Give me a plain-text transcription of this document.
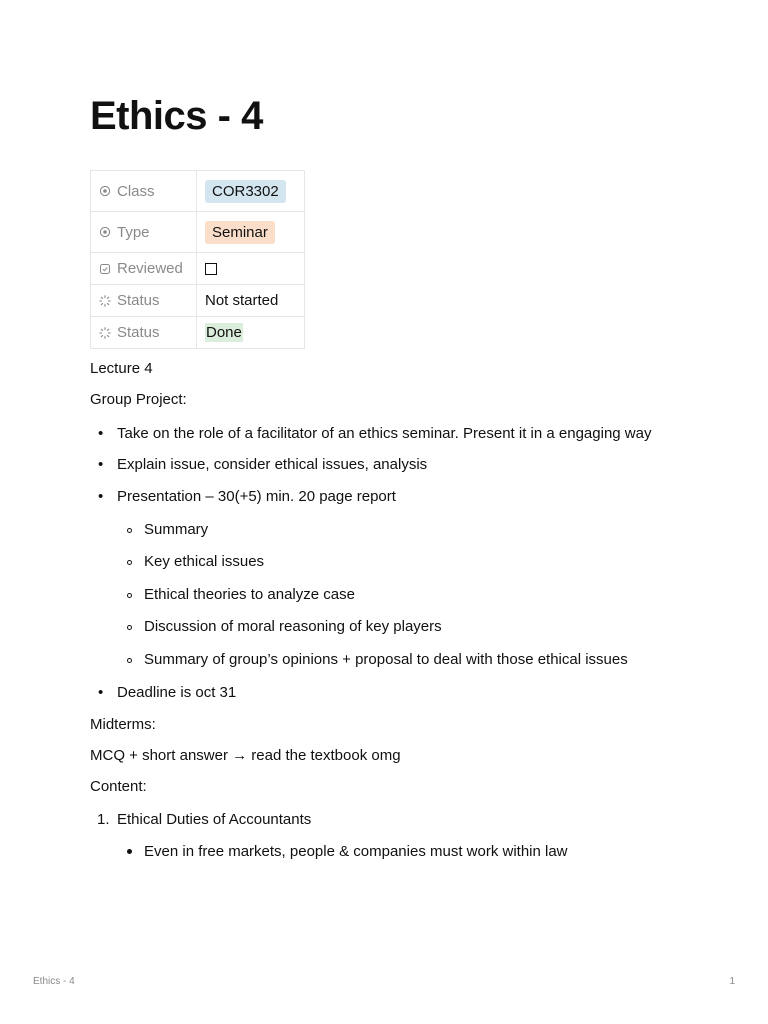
Ethics - 4
Class	COR3302

Type	Seminar

Reviewed	

Status	Not started

Status	Done

Lecture 4

Group Project:

• Take on the role of a facilitator of an ethics seminar. Present it in a engaging way
• Explain issue, consider ethical issues, analysis
• Presentation – 30(+5) min. 20 page report
Summary
Key ethical issues
Ethical theories to analyze case
Discussion of moral reasoning of key players
Summary of group’s opinions + proposal to deal with those ethical issues
• Deadline is oct 31

Midterms:

MCQ + short answer → read the textbook omg

Content:

1. Ethical Duties of Accountants
Even in free markets, people & companies must work within law
Ethics - 4	1
